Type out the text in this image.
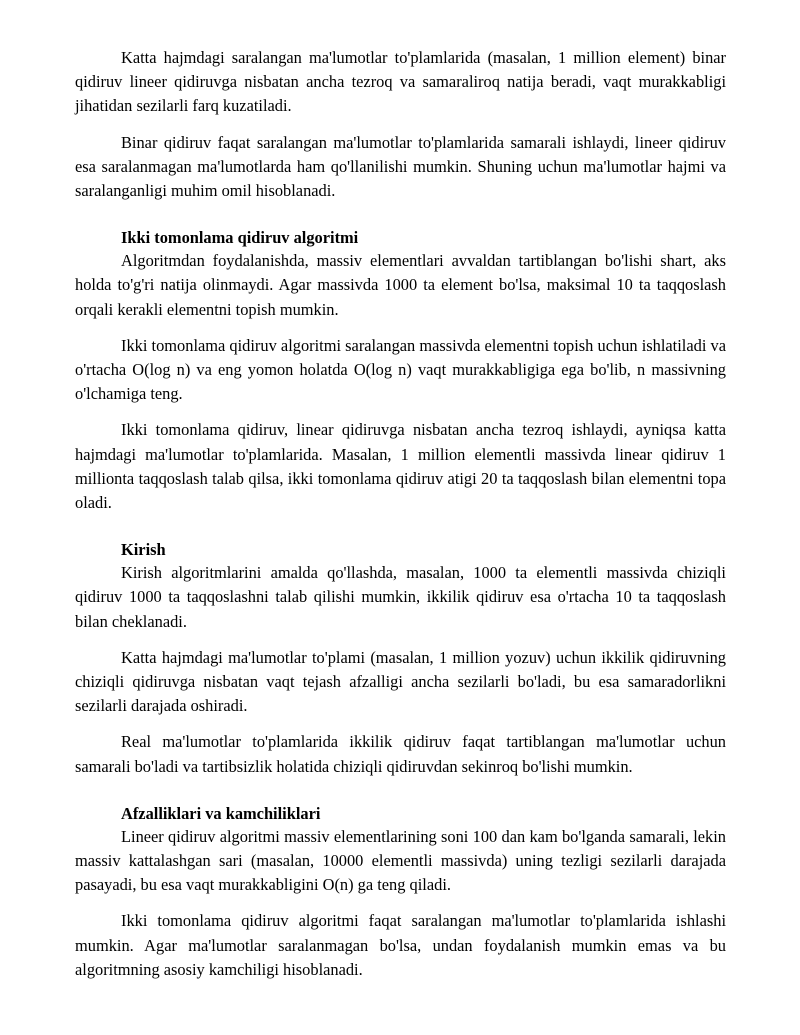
Katta hajmdagi saralangan ma'lumotlar to'plamlarida (masalan, 1 million element) binar qidiruv lineer qidiruvga nisbatan ancha tezroq va samaraliroq natija beradi, vaqt murakkabligi jihatidan sezilarli farq kuzatiladi.

Binar qidiruv faqat saralangan ma'lumotlar to'plamlarida samarali ishlaydi, lineer qidiruv esa saralanmagan ma'lumotlarda ham qo'llanilishi mumkin. Shuning uchun ma'lumotlar hajmi va saralanganligi muhim omil hisoblanadi.

Ikki tomonlama qidiruv algoritmi

Algoritmdan foydalanishda, massiv elementlari avvaldan tartiblangan bo'lishi shart, aks holda to'g'ri natija olinmaydi. Agar massivda 1000 ta element bo'lsa, maksimal 10 ta taqqoslash orqali kerakli elementni topish mumkin.

Ikki tomonlama qidiruv algoritmi saralangan massivda elementni topish uchun ishlatiladi va o'rtacha O(log n) va eng yomon holatda O(log n) vaqt murakkabligiga ega bo'lib, n massivning o'lchamiga teng.

Ikki tomonlama qidiruv, linear qidiruvga nisbatan ancha tezroq ishlaydi, ayniqsa katta hajmdagi ma'lumotlar to'plamlarida. Masalan, 1 million elementli massivda linear qidiruv 1 millionta taqqoslash talab qilsa, ikki tomonlama qidiruv atigi 20 ta taqqoslash bilan elementni topa oladi.

Kirish

Kirish algoritmlarini amalda qo'llashda, masalan, 1000 ta elementli massivda chiziqli qidiruv 1000 ta taqqoslashni talab qilishi mumkin, ikkilik qidiruv esa o'rtacha 10 ta taqqoslash bilan cheklanadi.

Katta hajmdagi ma'lumotlar to'plami (masalan, 1 million yozuv) uchun ikkilik qidiruvning chiziqli qidiruvga nisbatan vaqt tejash afzalligi ancha sezilarli bo'ladi, bu esa samaradorlikni sezilarli darajada oshiradi.

Real ma'lumotlar to'plamlarida ikkilik qidiruv faqat tartiblangan ma'lumotlar uchun samarali bo'ladi va tartibsizlik holatida chiziqli qidiruvdan sekinroq bo'lishi mumkin.

Afzalliklari va kamchiliklari

Lineer qidiruv algoritmi massiv elementlarining soni 100 dan kam bo'lganda samarali, lekin massiv kattalashgan sari (masalan, 10000 elementli massivda) uning tezligi sezilarli darajada pasayadi, bu esa vaqt murakkabligini O(n) ga teng qiladi.

Ikki tomonlama qidiruv algoritmi faqat saralangan ma'lumotlar to'plamlarida ishlashi mumkin. Agar ma'lumotlar saralanmagan bo'lsa, undan foydalanish mumkin emas va bu algoritmning asosiy kamchiligi hisoblanadi.
